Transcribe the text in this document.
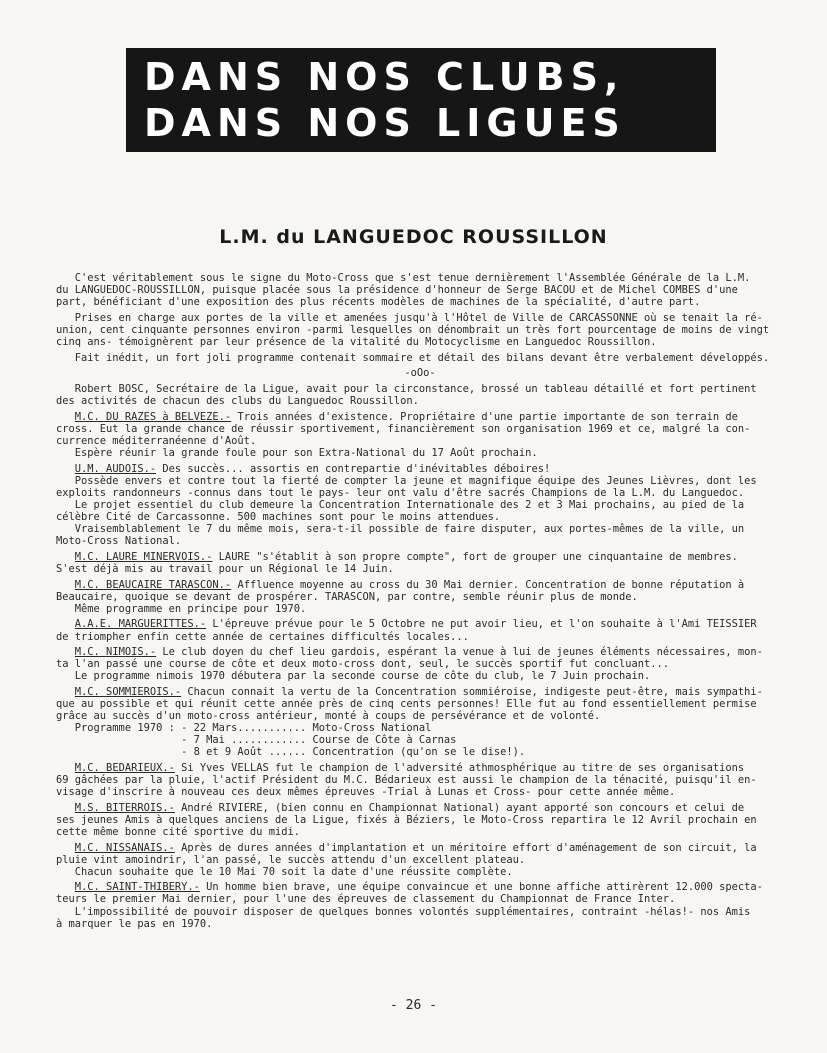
DANS NOS CLUBS,
DANS NOS LIGUES
L.M. du LANGUEDOC ROUSSILLON
C'est véritablement sous le signe du Moto-Cross que s'est tenue dernièrement l'Assemblée Générale de la L.M.
du LANGUEDOC-ROUSSILLON, puisque placée sous la présidence d'honneur de Serge BACOU et de Michel COMBES d'une
part, bénéficiant d'une exposition des plus récents modèles de machines de la spécialité, d'autre part.
Prises en charge aux portes de la ville et amenées jusqu'à l'Hôtel de Ville de CARCASSONNE où se tenait la ré-
union, cent cinquante personnes environ -parmi lesquelles on dénombrait un très fort pourcentage de moins de vingt
cinq ans- témoignèrent par leur présence de la vitalité du Motocyclisme en Languedoc Roussillon.
Fait inédit, un fort joli programme contenait sommaire et détail des bilans devant être verbalement développés.
-oOo-
Robert BOSC, Secrétaire de la Ligue, avait pour la circonstance, brossé un tableau détaillé et fort pertinent
des activités de chacun des clubs du Languedoc Roussillon.
M.C. DU RAZES à BELVEZE.- Trois années d'existence. Propriétaire d'une partie importante de son terrain de
cross. Eut la grande chance de réussir sportivement, financièrement son organisation 1969 et ce, malgré la con-
currence méditerranéenne d'Août.
Espère réunir la grande foule pour son Extra-National du 17 Août prochain.
U.M. AUDOIS.- Des succès... assortis en contrepartie d'inévitables déboires!
Possède envers et contre tout la fierté de compter la jeune et magnifique équipe des Jeunes Lièvres, dont les
exploits randonneurs -connus dans tout le pays- leur ont valu d'être sacrés Champions de la L.M. du Languedoc.
Le projet essentiel du club demeure la Concentration Internationale des 2 et 3 Mai prochains, au pied de la
célèbre Cité de Carcassonne. 500 machines sont pour le moins attendues.
Vraisemblablement le 7 du même mois, sera-t-il possible de faire disputer, aux portes-mêmes de la ville, un
Moto-Cross National.
M.C. LAURE MINERVOIS.- LAURE "s'établit à son propre compte", fort de grouper une cinquantaine de membres.
S'est déjà mis au travail pour un Régional le 14 Juin.
M.C. BEAUCAIRE TARASCON.- Affluence moyenne au cross du 30 Mai dernier. Concentration de bonne réputation à
Beaucaire, quoique se devant de prospérer. TARASCON, par contre, semble réunir plus de monde.
Même programme en principe pour 1970.
A.A.E. MARGUERITTES.- L'épreuve prévue pour le 5 Octobre ne put avoir lieu, et l'on souhaite à l'Ami TEISSIER
de triompher enfin cette année de certaines difficultés locales...
M.C. NIMOIS.- Le club doyen du chef lieu gardois, espérant la venue à lui de jeunes éléments nécessaires, mon-
ta l'an passé une course de côte et deux moto-cross dont, seul, le succès sportif fut concluant...
Le programme nimois 1970 débutera par la seconde course de côte du club, le 7 Juin prochain.
M.C. SOMMIEROIS.- Chacun connait la vertu de la Concentration sommiéroise, indigeste peut-être, mais sympathi-
que au possible et qui réunit cette année près de cinq cents personnes! Elle fut au fond essentiellement permise
grâce au succès d'un moto-cross antérieur, monté à coups de persévérance et de volonté.
Programme 1970 : - 22 Mars........... Moto-Cross National
- 7 Mai ............ Course de Côte à Carnas
- 8 et 9 Août ...... Concentration (qu'on se le dise!).
M.C. BEDARIEUX.- Si Yves VELLAS fut le champion de l'adversité athmosphérique au titre de ses organisations
69 gâchées par la pluie, l'actif Président du M.C. Bédarieux est aussi le champion de la ténacité, puisqu'il en-
visage d'inscrire à nouveau ces deux mêmes épreuves -Trial à Lunas et Cross- pour cette année même.
M.S. BITERROIS.- André RIVIERE, (bien connu en Championnat National) ayant apporté son concours et celui de
ses jeunes Amis à quelques anciens de la Ligue, fixés à Béziers, le Moto-Cross repartira le 12 Avril prochain en
cette même bonne cité sportive du midi.
M.C. NISSANAIS.- Après de dures années d'implantation et un méritoire effort d'aménagement de son circuit, la
pluie vint amoindrir, l'an passé, le succès attendu d'un excellent plateau.
Chacun souhaite que le 10 Mai 70 soit la date d'une réussite complète.
M.C. SAINT-THIBERY.- Un homme bien brave, une équipe convaincue et une bonne affiche attirèrent 12.000 specta-
teurs le premier Mai dernier, pour l'une des épreuves de classement du Championnat de France Inter.
L'impossibilité de pouvoir disposer de quelques bonnes volontés supplémentaires, contraint -hélas!- nos Amis
à marquer le pas en 1970.
- 26 -
